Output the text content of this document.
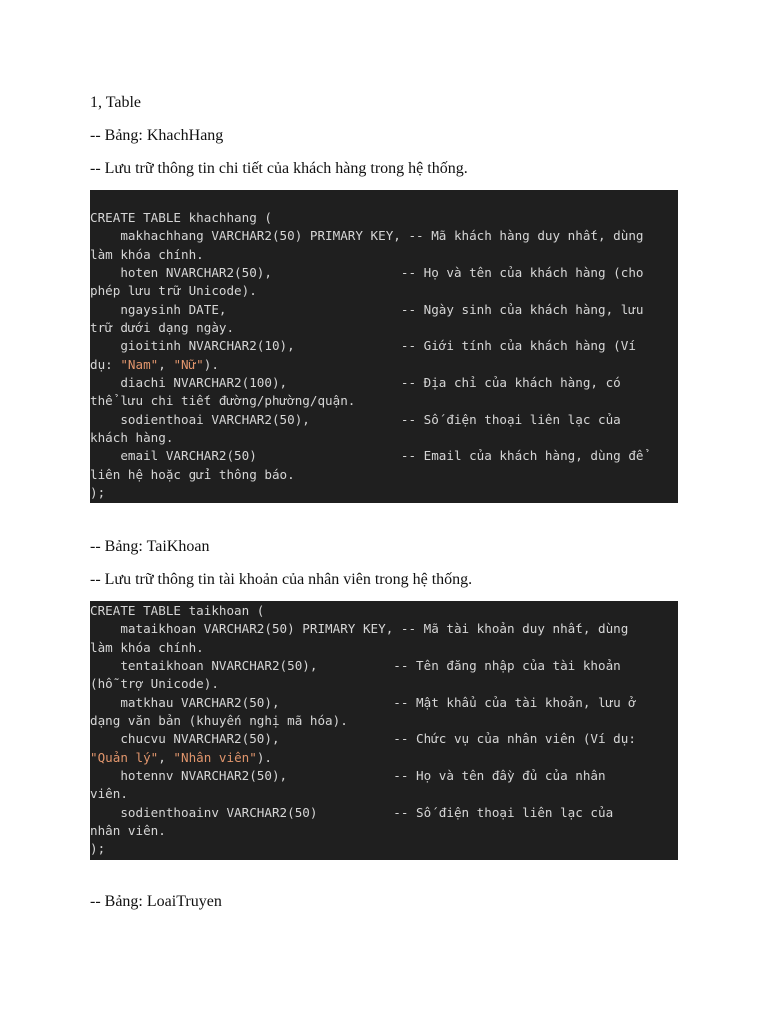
1, Table

-- Bảng: KhachHang

-- Lưu trữ thông tin chi tiết của khách hàng trong hệ thống.

CREATE TABLE khachhang (
makhachhang VARCHAR2(50) PRIMARY KEY, -- Mã khách hàng duy nhất, dùng
làm khóa chính.
hoten NVARCHAR2(50),                 -- Họ và tên của khách hàng (cho
phép lưu trữ Unicode).
ngaysinh DATE,                       -- Ngày sinh của khách hàng, lưu
trữ dưới dạng ngày.
gioitinh NVARCHAR2(10),              -- Giới tính của khách hàng (Ví
dụ: "Nam", "Nữ").
diachi NVARCHAR2(100),               -- Địa chỉ của khách hàng, có
thể lưu chi tiết đường/phường/quận.
sodienthoai VARCHAR2(50),            -- Số điện thoại liên lạc của
khách hàng.
email VARCHAR2(50)                   -- Email của khách hàng, dùng để
liên hệ hoặc gửi thông báo.
);

-- Bảng: TaiKhoan

-- Lưu trữ thông tin tài khoản của nhân viên trong hệ thống.

CREATE TABLE taikhoan (
mataikhoan VARCHAR2(50) PRIMARY KEY, -- Mã tài khoản duy nhất, dùng
làm khóa chính.
tentaikhoan NVARCHAR2(50),          -- Tên đăng nhập của tài khoản
(hỗ trợ Unicode).
matkhau VARCHAR2(50),               -- Mật khẩu của tài khoản, lưu ở
dạng văn bản (khuyến nghị mã hóa).
chucvu NVARCHAR2(50),               -- Chức vụ của nhân viên (Ví dụ:
"Quản lý", "Nhân viên").
hotennv NVARCHAR2(50),              -- Họ và tên đầy đủ của nhân
viên.
sodienthoainv VARCHAR2(50)          -- Số điện thoại liên lạc của
nhân viên.
);

-- Bảng: LoaiTruyen
